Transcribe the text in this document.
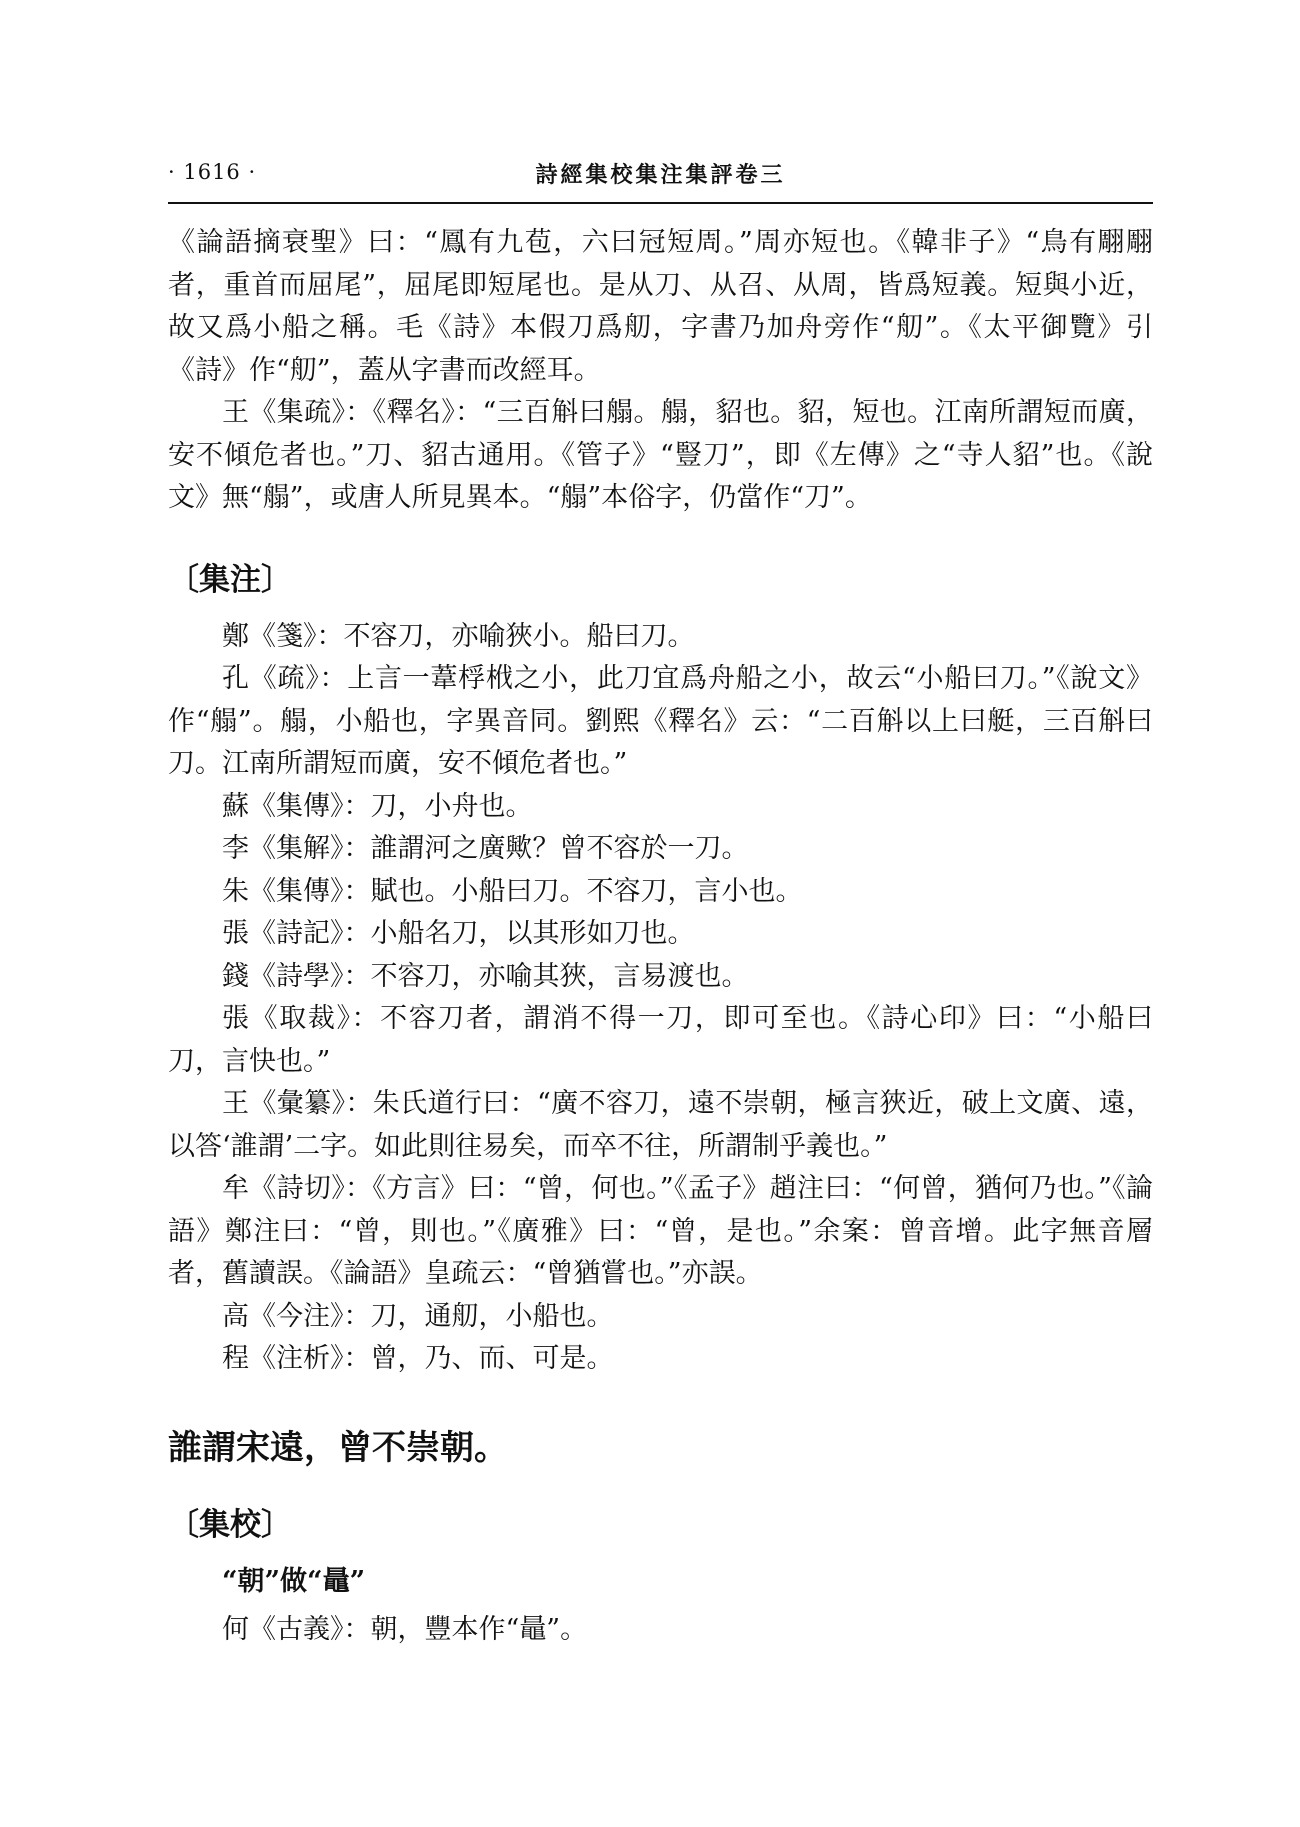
· 1616 ·	詩經集校集注集評卷三

《論語摘衰聖》曰：“鳳有九苞，六曰冠短周。”周亦短也。《韓非子》“鳥有翢翢者，重首而屈尾”，屈尾即短尾也。是从刀、从召、从周，皆爲短義。短與小近，故又爲小船之稱。毛《詩》本假刀爲舠，字書乃加舟旁作“舠”。《太平御覽》引《詩》作“舠”，蓋从字書而改經耳。

王《集疏》：《釋名》：“三百斛曰䑽。䑽，貂也。貂，短也。江南所謂短而廣，安不傾危者也。”刀、貂古通用。《管子》“豎刀”，即《左傳》之“寺人貂”也。《說文》無“䑽”，或唐人所見異本。“䑽”本俗字，仍當作“刀”。

〔集注〕

鄭《箋》：不容刀，亦喻狹小。船曰刀。

孔《疏》：上言一葦桴栰之小，此刀宜爲舟船之小，故云“小船曰刀。”《說文》作“䑽”。䑽，小船也，字異音同。劉熙《釋名》云：“二百斛以上曰艇，三百斛曰刀。江南所謂短而廣，安不傾危者也。”

蘇《集傳》：刀，小舟也。

李《集解》：誰謂河之廣歟？曾不容於一刀。

朱《集傳》：賦也。小船曰刀。不容刀，言小也。

張《詩記》：小船名刀，以其形如刀也。

錢《詩學》：不容刀，亦喻其狹，言易渡也。

張《取裁》：不容刀者，謂消不得一刀，即可至也。《詩心印》曰：“小船曰刀，言快也。”

王《彙纂》：朱氏道行曰：“廣不容刀，遠不崇朝，極言狹近，破上文廣、遠，以答‘誰謂’二字。如此則往易矣，而卒不往，所謂制乎義也。”

牟《詩切》：《方言》曰：“曾，何也。”《孟子》趙注曰：“何曾，猶何乃也。”《論語》鄭注曰：“曾，則也。”《廣雅》曰：“曾，是也。”余案：曾音增。此字無音層者，舊讀誤。《論語》皇疏云：“曾猶嘗也。”亦誤。

高《今注》：刀，通舠，小船也。

程《注析》：曾，乃、而、可是。

誰謂宋遠，曾不崇朝。
〔集校〕
“朝”做“鼂”

何《古義》：朝，豐本作“鼂”。
